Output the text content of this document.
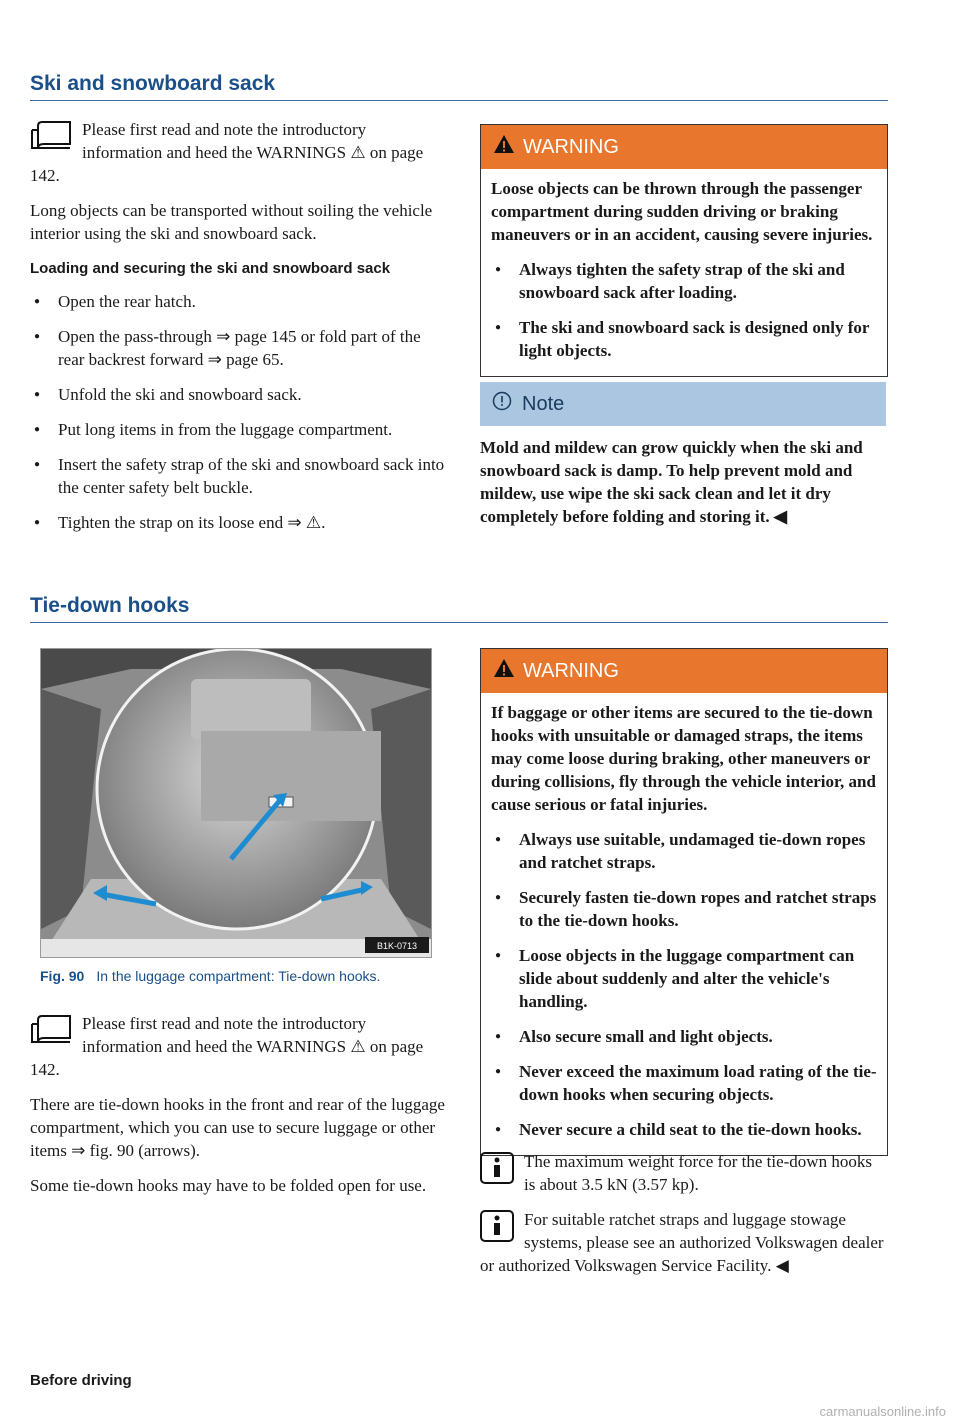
Ski and snowboard sack

Please first read and note the introductory information and heed the WARNINGS ⚠ on page 142.

Long objects can be transported without soiling the vehicle interior using the ski and snowboard sack.

Loading and securing the ski and snowboard sack
● Open the rear hatch.
● Open the pass-through ⇒ page 145 or fold part of the rear backrest forward ⇒ page 65.
● Unfold the ski and snowboard sack.
● Put long items in from the luggage compartment.
● Insert the safety strap of the ski and snowboard sack into the center safety belt buckle.
● Tighten the strap on its loose end ⇒ ⚠.
WARNING

Loose objects can be thrown through the passenger compartment during sudden driving or braking maneuvers or in an accident, causing severe injuries.

● Always tighten the safety strap of the ski and snowboard sack after loading.
● The ski and snowboard sack is designed only for light objects.
Note
Mold and mildew can grow quickly when the ski and snowboard sack is damp. To help prevent mold and mildew, use wipe the ski sack clean and let it dry completely before folding and storing it. ◀
Tie-down hooks
B1K-0713
Fig. 90 In the luggage compartment: Tie-down hooks.

Please first read and note the introductory information and heed the WARNINGS ⚠ on page 142.

There are tie-down hooks in the front and rear of the luggage compartment, which you can use to secure luggage or other items ⇒ fig. 90 (arrows).

Some tie-down hooks may have to be folded open for use.

WARNING

If baggage or other items are secured to the tie-down hooks with unsuitable or damaged straps, the items may come loose during braking, other maneuvers or during collisions, fly through the vehicle interior, and cause serious or fatal injuries.

● Always use suitable, undamaged tie-down ropes and ratchet straps.
● Securely fasten tie-down ropes and ratchet straps to the tie-down hooks.
● Loose objects in the luggage compartment can slide about suddenly and alter the vehicle's handling.
● Also secure small and light objects.
● Never exceed the maximum load rating of the tie-down hooks when securing objects.
● Never secure a child seat to the tie-down hooks.

The maximum weight force for the tie-down hooks is about 3.5 kN (3.57 kp).

For suitable ratchet straps and luggage stowage systems, please see an authorized Volkswagen dealer or authorized Volkswagen Service Facility. ◀

Before driving
carmanualsonline.info
